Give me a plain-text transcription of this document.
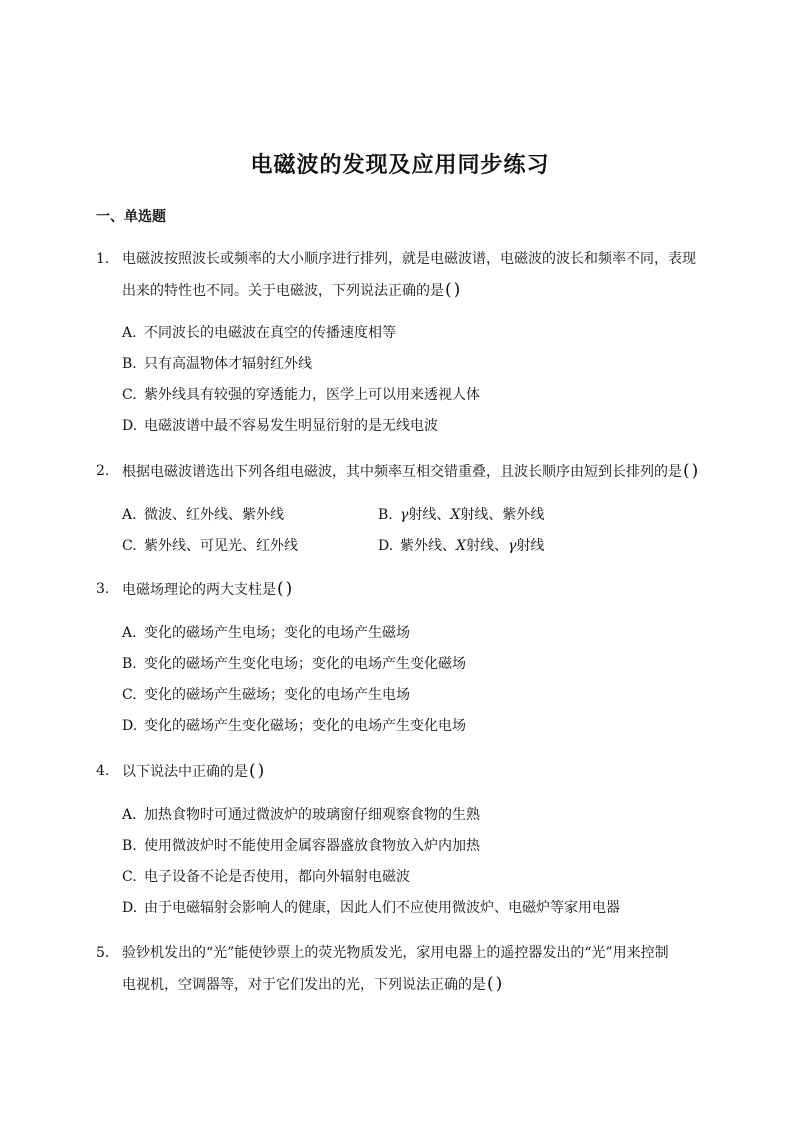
电磁波的发现及应用同步练习
一、单选题
1. 电磁波按照波长或频率的大小顺序进行排列，就是电磁波谱，电磁波的波长和频率不同，表现
出来的特性也不同。关于电磁波，下列说法正确的是()
A. 不同波长的电磁波在真空的传播速度相等
B. 只有高温物体才辐射红外线
C. 紫外线具有较强的穿透能力，医学上可以用来透视人体
D. 电磁波谱中最不容易发生明显衍射的是无线电波
2. 根据电磁波谱选出下列各组电磁波，其中频率互相交错重叠，且波长顺序由短到长排列的是()
A. 微波、红外线、紫外线	B. γ射线、X射线、紫外线
C. 紫外线、可见光、红外线	D. 紫外线、X射线、γ射线
3. 电磁场理论的两大支柱是()
A. 变化的磁场产生电场；变化的电场产生磁场
B. 变化的磁场产生变化电场；变化的电场产生变化磁场
C. 变化的磁场产生磁场；变化的电场产生电场
D. 变化的磁场产生变化磁场；变化的电场产生变化电场
4. 以下说法中正确的是()
A. 加热食物时可通过微波炉的玻璃窗仔细观察食物的生熟
B. 使用微波炉时不能使用金属容器盛放食物放入炉内加热
C. 电子设备不论是否使用，都向外辐射电磁波
D. 由于电磁辐射会影响人的健康，因此人们不应使用微波炉、电磁炉等家用电器
5. 验钞机发出的“光”能使钞票上的荧光物质发光，家用电器上的遥控器发出的“光”用来控制
电视机，空调器等，对于它们发出的光，下列说法正确的是()
